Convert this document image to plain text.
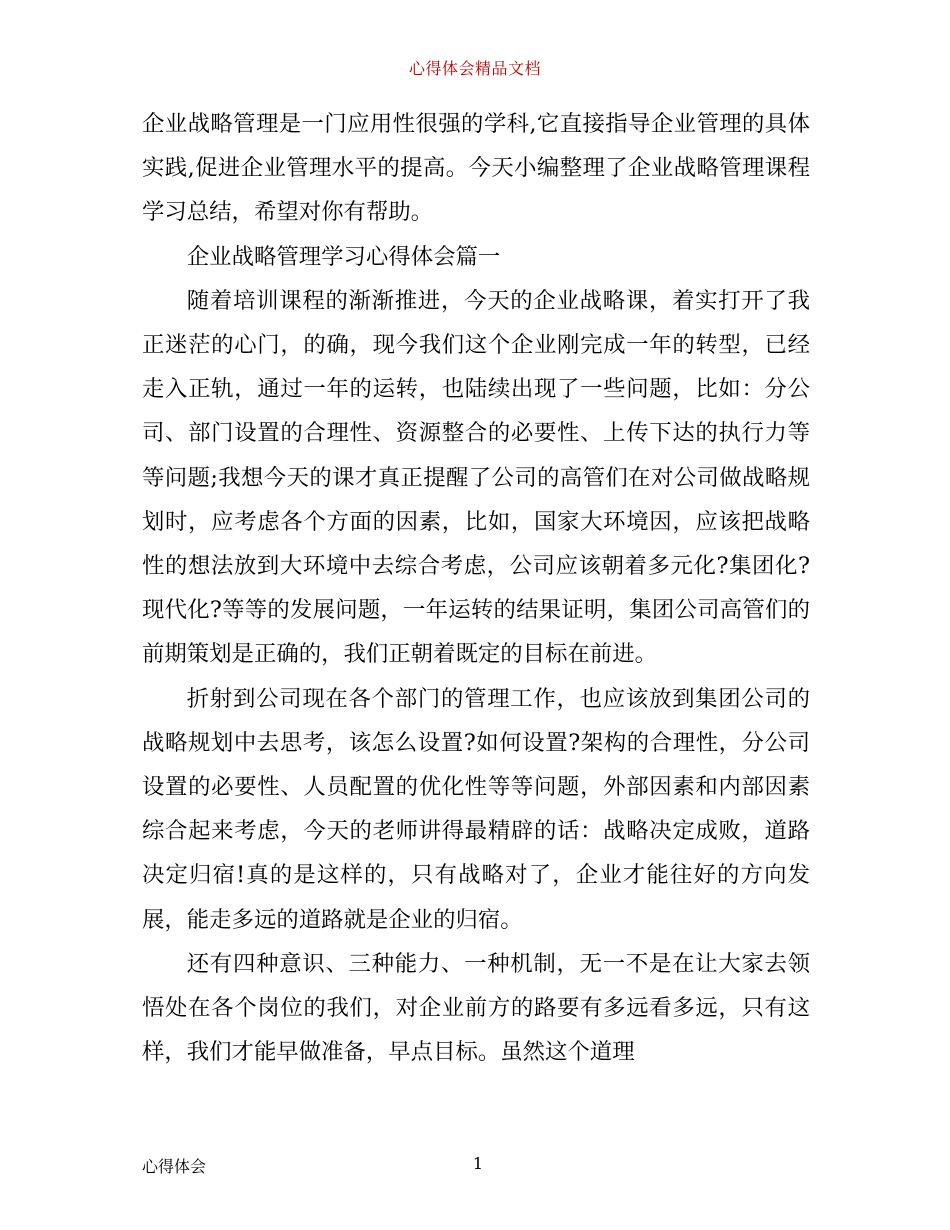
心得体会精品文档

企业战略管理是一门应用性很强的学科,它直接指导企业管理的具体实践,促进企业管理水平的提高。今天小编整理了企业战略管理课程学习总结，希望对你有帮助。

企业战略管理学习心得体会篇一

随着培训课程的渐渐推进，今天的企业战略课，着实打开了我正迷茫的心门，的确，现今我们这个企业刚完成一年的转型，已经走入正轨，通过一年的运转，也陆续出现了一些问题，比如：分公司、部门设置的合理性、资源整合的必要性、上传下达的执行力等等问题;我想今天的课才真正提醒了公司的高管们在对公司做战略规划时，应考虑各个方面的因素，比如，国家大环境因，应该把战略性的想法放到大环境中去综合考虑，公司应该朝着多元化?集团化?现代化?等等的发展问题，一年运转的结果证明，集团公司高管们的前期策划是正确的，我们正朝着既定的目标在前进。

折射到公司现在各个部门的管理工作，也应该放到集团公司的战略规划中去思考，该怎么设置?如何设置?架构的合理性，分公司设置的必要性、人员配置的优化性等等问题，外部因素和内部因素综合起来考虑，今天的老师讲得最精辟的话：战略决定成败，道路决定归宿!真的是这样的，只有战略对了，企业才能往好的方向发展，能走多远的道路就是企业的归宿。

还有四种意识、三种能力、一种机制，无一不是在让大家去领悟处在各个岗位的我们，对企业前方的路要有多远看多远，只有这样，我们才能早做准备，早点目标。虽然这个道理

心得体会	1
